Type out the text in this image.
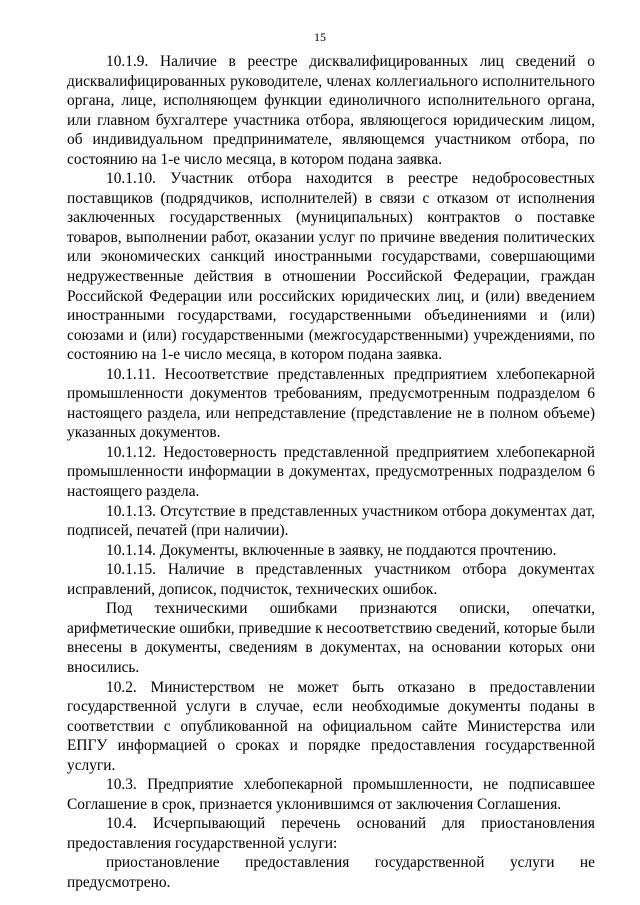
15

10.1.9. Наличие в реестре дисквалифицированных лиц сведений о дисквалифицированных руководителе, членах коллегиального исполнительного органа, лице, исполняющем функции единоличного исполнительного органа, или главном бухгалтере участника отбора, являющегося юридическим лицом, об индивидуальном предпринимателе, являющемся участником отбора, по состоянию на 1-е число месяца, в котором подана заявка.

10.1.10. Участник отбора находится в реестре недобросовестных поставщиков (подрядчиков, исполнителей) в связи с отказом от исполнения заключенных государственных (муниципальных) контрактов о поставке товаров, выполнении работ, оказании услуг по причине введения политических или экономических санкций иностранными государствами, совершающими недружественные действия в отношении Российской Федерации, граждан Российской Федерации или российских юридических лиц, и (или) введением иностранными государствами, государственными объединениями и (или) союзами и (или) государственными (межгосударственными) учреждениями, по состоянию на 1-е число месяца, в котором подана заявка.

10.1.11. Несоответствие представленных предприятием хлебопекарной промышленности документов требованиям, предусмотренным подразделом 6 настоящего раздела, или непредставление (представление не в полном объеме) указанных документов.

10.1.12. Недостоверность представленной предприятием хлебопекарной промышленности информации в документах, предусмотренных подразделом 6 настоящего раздела.

10.1.13. Отсутствие в представленных участником отбора документах дат, подписей, печатей (при наличии).

10.1.14. Документы, включенные в заявку, не поддаются прочтению.

10.1.15. Наличие в представленных участником отбора документах исправлений, дописок, подчисток, технических ошибок.

Под техническими ошибками признаются описки, опечатки, арифметические ошибки, приведшие к несоответствию сведений, которые были внесены в документы, сведениям в документах, на основании которых они вносились.

10.2. Министерством не может быть отказано в предоставлении государственной услуги в случае, если необходимые документы поданы в соответствии с опубликованной на официальном сайте Министерства или ЕПГУ информацией о сроках и порядке предоставления государственной услуги.

10.3. Предприятие хлебопекарной промышленности, не подписавшее Соглашение в срок, признается уклонившимся от заключения Соглашения.

10.4. Исчерпывающий перечень оснований для приостановления предоставления государственной услуги:

приостановление предоставления государственной услуги не предусмотрено.
